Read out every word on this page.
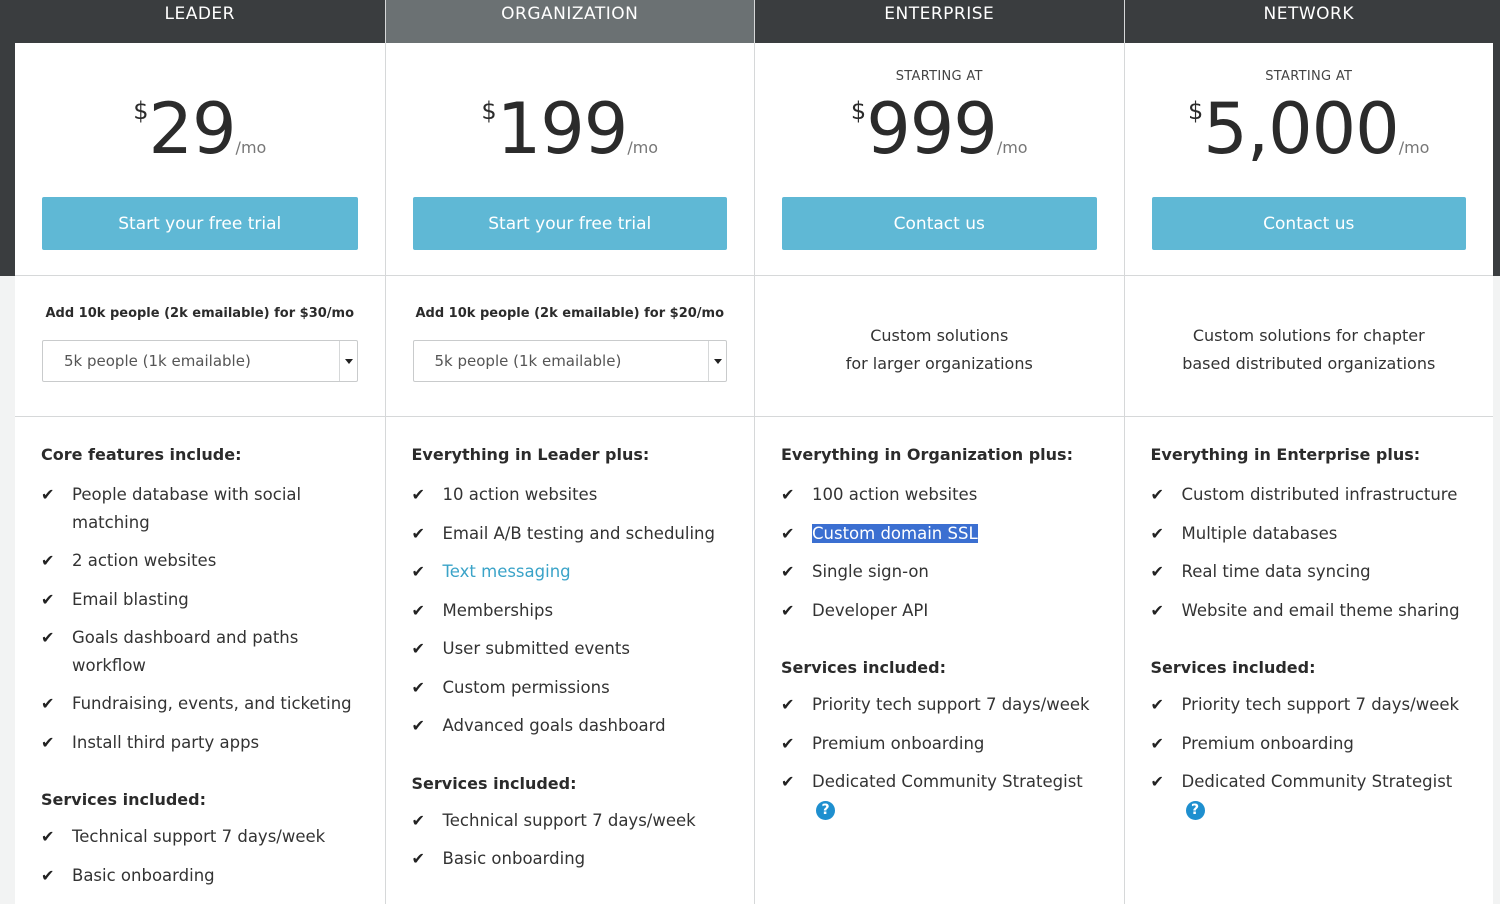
LEADER
$29/mo
Start your free trial
Add 10k people (2k emailable) for $30/mo
5k people (1k emailable)
Core features include:
✔ People database with social matching
✔ 2 action websites
✔ Email blasting
✔ Goals dashboard and paths workflow
✔ Fundraising, events, and ticketing
✔ Install third party apps
Services included:
✔ Technical support 7 days/week
✔ Basic onboarding
ORGANIZATION
$199/mo
Start your free trial
Add 10k people (2k emailable) for $20/mo
5k people (1k emailable)
Everything in Leader plus:
✔ 10 action websites
✔ Email A/B testing and scheduling
✔ Text messaging
✔ Memberships
✔ User submitted events
✔ Custom permissions
✔ Advanced goals dashboard
Services included:
✔ Technical support 7 days/week
✔ Basic onboarding
ENTERPRISE
STARTING AT
$999/mo
Contact us
Custom solutions
for larger organizations
Everything in Organization plus:
✔ 100 action websites
✔ Custom domain SSL
✔ Single sign-on
✔ Developer API
Services included:
✔ Priority tech support 7 days/week
✔ Premium onboarding
✔ Dedicated Community Strategist?
NETWORK
STARTING AT
$5,000/mo
Contact us
Custom solutions for chapter
based distributed organizations
Everything in Enterprise plus:
✔ Custom distributed infrastructure
✔ Multiple databases
✔ Real time data syncing
✔ Website and email theme sharing
Services included:
✔ Priority tech support 7 days/week
✔ Premium onboarding
✔ Dedicated Community Strategist?
